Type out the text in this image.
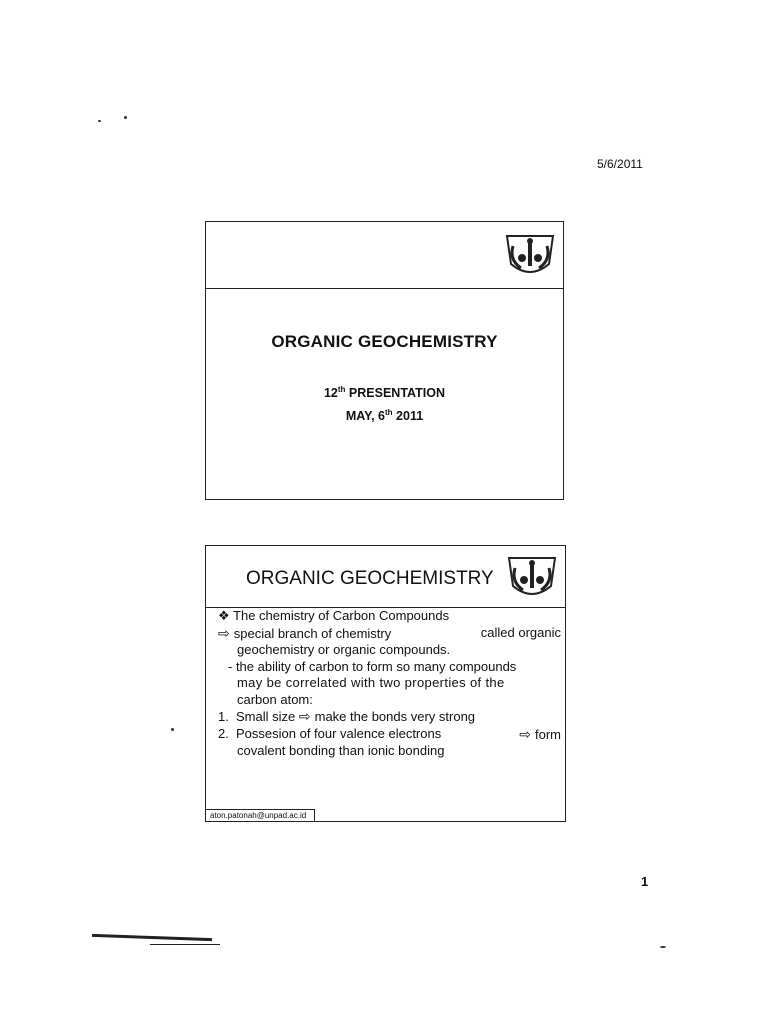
5/6/2011
ORGANIC GEOCHEMISTRY
12th PRESENTATION
MAY, 6th 2011
ORGANIC GEOCHEMISTRY
❖ The chemistry of Carbon Compounds
⇨ special branch of chemistry	called organic
geochemistry or organic compounds.
- the ability of carbon to form so many compounds
may be correlated with two properties of the
carbon atom:
1. Small size ⇨ make the bonds very strong
2. Possesion of four valence electrons	⇨ form
covalent bonding than ionic bonding
aton.patonah@unpad.ac.id
1
